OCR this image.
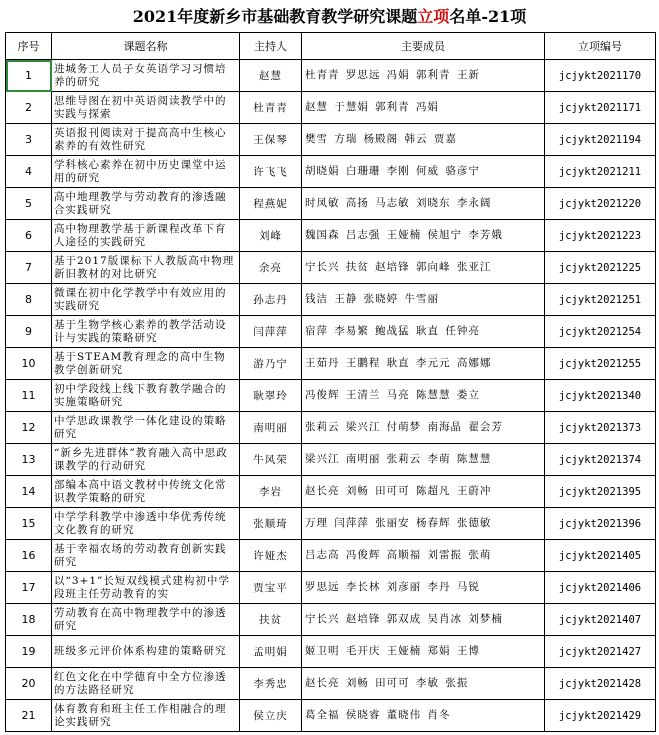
2021年度新乡市基础教育教学研究课题立项名单-21项
序号	课题名称	主持人	主要成员	立项编号
1	进城务工人员子女英语学习习惯培养的研究	赵慧	杜青青 罗思远 冯娟 郭利青 王新	jcjykt2021170
2	思维导图在初中英语阅读教学中的实践与探索	杜青青	赵慧 于慧娟 郭利青 冯娟	jcjykt2021171
3	英语报刊阅读对于提高高中生核心素养的有效性研究	王保琴	樊雪 方瑞 杨殿阁 韩云 贾嘉	jcjykt2021194
4	学科核心素养在初中历史课堂中运用的研究	许飞飞	胡晓娟 白珊珊 李刚 何威 骆彦宁	jcjykt2021211
5	高中地理教学与劳动教育的渗透融合实践研究	程燕妮	时凤敏 高扬 马志敏 刘晓东 李永阔	jcjykt2021220
6	高中物理教学基于新课程改革下育人途径的实践研究	刘峰	魏国森 吕志强 王娅楠 侯旭宁 李芳娥	jcjykt2021223
7	基于2017版课标下人教版高中物理新旧教材的对比研究	余亮	宁长兴 扶贫 赵培锋 郭向峰 张亚江	jcjykt2021225
8	微课在初中化学教学中有效应用的实践研究	孙志丹	钱洁 王静 张晓婷 牛雪丽	jcjykt2021251
9	基于生物学核心素养的教学活动设计与实践的策略研究	闫萍萍	宿萍 李易繁 鲍战猛 耿直 任钟亮	jcjykt2021254
10	基于STEAM教育理念的高中生物教学创新研究	游乃宁	王茹丹 王鹏程 耿直 李元元 高娜娜	jcjykt2021255
11	初中学段线上线下教育教学融合的实施策略研究	耿翠玲	冯俊辉 王清兰 马亮 陈慧慧 娄立	jcjykt2021340
12	中学思政课教学一体化建设的策略研究	南明丽	张莉云 梁兴江 付萌梦 南海晶 翟会芳	jcjykt2021373
13	“新乡先进群体”教育融入高中思政课教学的行动研究	牛风荣	梁兴江 南明丽 张莉云 李萌 陈慧慧	jcjykt2021374
14	部编本高中语文教材中传统文化常识教学策略的研究	李岩	赵长亮 刘畅 田可可 陈超凡 王蔚冲	jcjykt2021395
15	中学学科教学中渗透中华优秀传统文化教育的研究	张顺琦	万理 闫萍萍 张丽安 杨春辉 张德敏	jcjykt2021396
16	基于幸福农场的劳动教育创新实践研究	许娅杰	吕志高 冯俊辉 高顺福 刘雷振 张萌	jcjykt2021405
17	以“3+1”长短双线模式建构初中学段班主任劳动教育的实	贾宝平	罗思远 李长林 刘彦丽 李丹 马锐	jcjykt2021406
18	劳动教育在高中物理教学中的渗透研究	扶贫	宁长兴 赵培锋 郭双成 吴肖冰 刘梦楠	jcjykt2021407
19	班级多元评价体系构建的策略研究	孟明娟	姬卫明 毛开庆 王娅楠 郑娟 王博	jcjykt2021427
20	红色文化在中学德育中全方位渗透的方法路径研究	李秀忠	赵长亮 刘畅 田可可 李敏 张振	jcjykt2021428
21	体育教育和班主任工作相融合的理论实践研究	侯立庆	葛全福 侯晓睿 董晓伟 肖冬	jcjykt2021429
